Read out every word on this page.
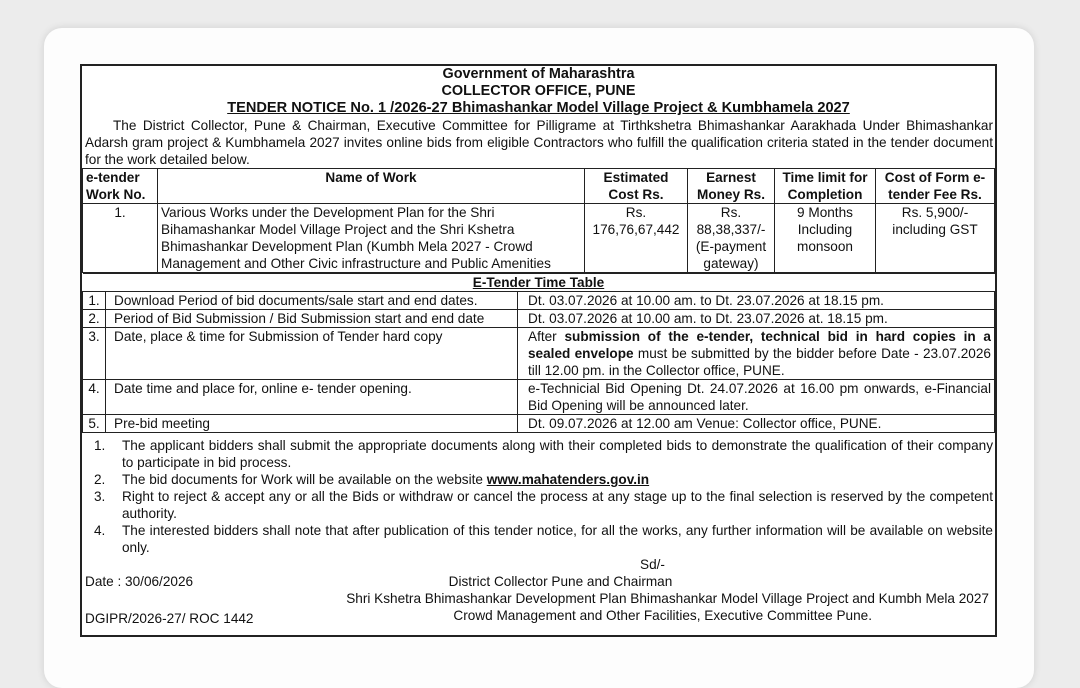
Government of Maharashtra
COLLECTOR OFFICE, PUNE
TENDER NOTICE No. 1 /2026-27 Bhimashankar Model Village Project & Kumbhamela 2027
The District Collector, Pune & Chairman, Executive Committee for Pilligrame at Tirthkshetra Bhimashankar Aarakhada Under Bhimashankar Adarsh gram project & Kumbhamela 2027 invites online bids from eligible Contractors who fulfill the qualification criteria stated in the tender document for the work detailed below.
e-tender Work No.	Name of Work	Estimated Cost Rs.	Earnest Money Rs.	Time limit for Completion	Cost of Form e-tender Fee Rs.
1.	Various Works under the Development Plan for the Shri Bihamashankar Model Village Project and the Shri Kshetra Bhimashankar Development Plan (Kumbh Mela 2027 - Crowd Management and Other Civic infrastructure and Public Amenities	Rs. 176,76,67,442	Rs. 88,38,337/- (E-payment gateway)	9 Months Including monsoon	Rs. 5,900/- including GST
E-Tender Time Table		
1.	Download Period of bid documents/sale start and end dates.	Dt. 03.07.2026 at 10.00 am. to Dt. 23.07.2026 at 18.15 pm.
2.	Period of Bid Submission / Bid Submission start and end date	Dt. 03.07.2026 at 10.00 am. to Dt. 23.07.2026 at. 18.15 pm.
3.	Date, place & time for Submission of Tender hard copy	After submission of the e-tender, technical bid in hard copies in a sealed envelope must be submitted by the bidder before Date - 23.07.2026 till 12.00 pm. in the Collector office, PUNE.
4.	Date time and place for, online e- tender opening.	e-Technicial Bid Opening Dt. 24.07.2026 at 16.00 pm onwards, e-Financial Bid Opening will be announced later.
5.	Pre-bid meeting	Dt. 09.07.2026 at 12.00 am Venue: Collector office, PUNE.
1.	The applicant bidders shall submit the appropriate documents along with their completed bids to demonstrate the qualification of their company to participate in bid process.
2.	The bid documents for Work will be available on the website www.mahatenders.gov.in
3.	Right to reject & accept any or all the Bids or withdraw or cancel the process at any stage up to the final selection is reserved by the competent authority.
4.	The interested bidders shall note that after publication of this tender notice, for all the works, any further information will be available on website only.
Sd/-
Date : 30/06/2026	District Collector Pune and Chairman
Shri Kshetra Bhimashankar Development Plan Bhimashankar Model Village Project and Kumbh Mela 2027
Crowd Management and Other Facilities, Executive Committee Pune.
DGIPR/2026-27/ ROC 1442
